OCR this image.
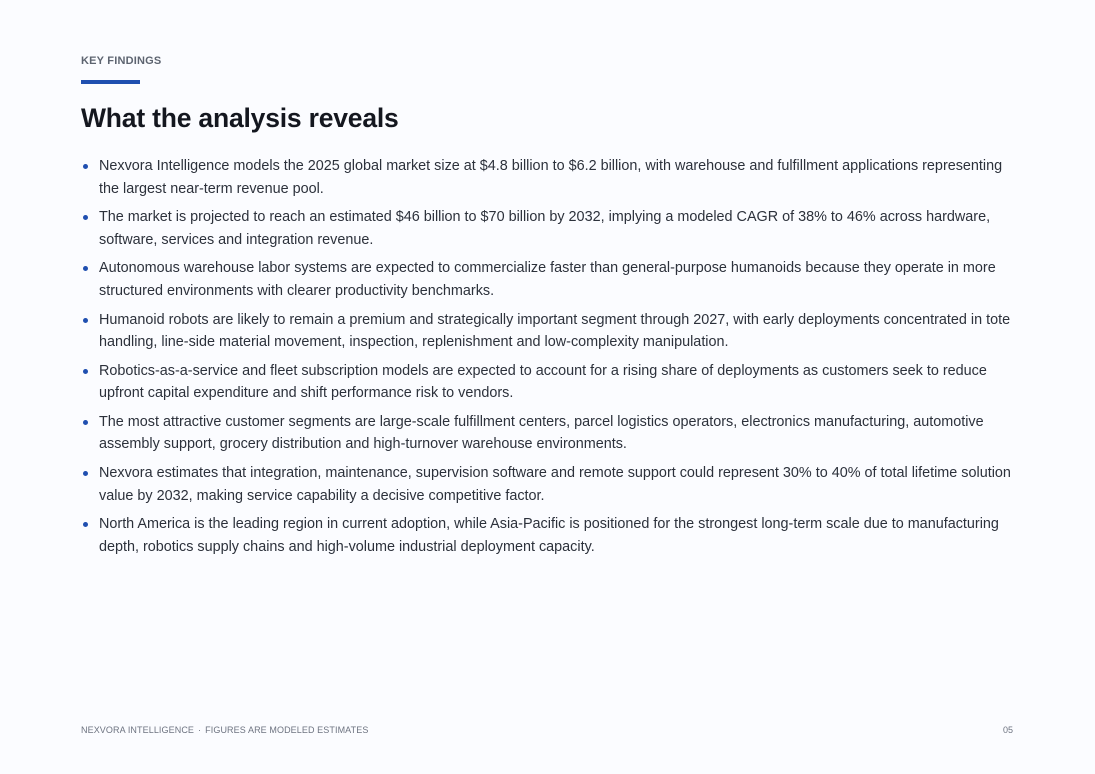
KEY FINDINGS
What the analysis reveals
Nexvora Intelligence models the 2025 global market size at $4.8 billion to $6.2 billion, with warehouse and fulfillment applications representing the largest near-term revenue pool.
The market is projected to reach an estimated $46 billion to $70 billion by 2032, implying a modeled CAGR of 38% to 46% across hardware, software, services and integration revenue.
Autonomous warehouse labor systems are expected to commercialize faster than general-purpose humanoids because they operate in more structured environments with clearer productivity benchmarks.
Humanoid robots are likely to remain a premium and strategically important segment through 2027, with early deployments concentrated in tote handling, line-side material movement, inspection, replenishment and low-complexity manipulation.
Robotics-as-a-service and fleet subscription models are expected to account for a rising share of deployments as customers seek to reduce upfront capital expenditure and shift performance risk to vendors.
The most attractive customer segments are large-scale fulfillment centers, parcel logistics operators, electronics manufacturing, automotive assembly support, grocery distribution and high-turnover warehouse environments.
Nexvora estimates that integration, maintenance, supervision software and remote support could represent 30% to 40% of total lifetime solution value by 2032, making service capability a decisive competitive factor.
North America is the leading region in current adoption, while Asia-Pacific is positioned for the strongest long-term scale due to manufacturing depth, robotics supply chains and high-volume industrial deployment capacity.
NEXVORA INTELLIGENCE · FIGURES ARE MODELED ESTIMATES	05
